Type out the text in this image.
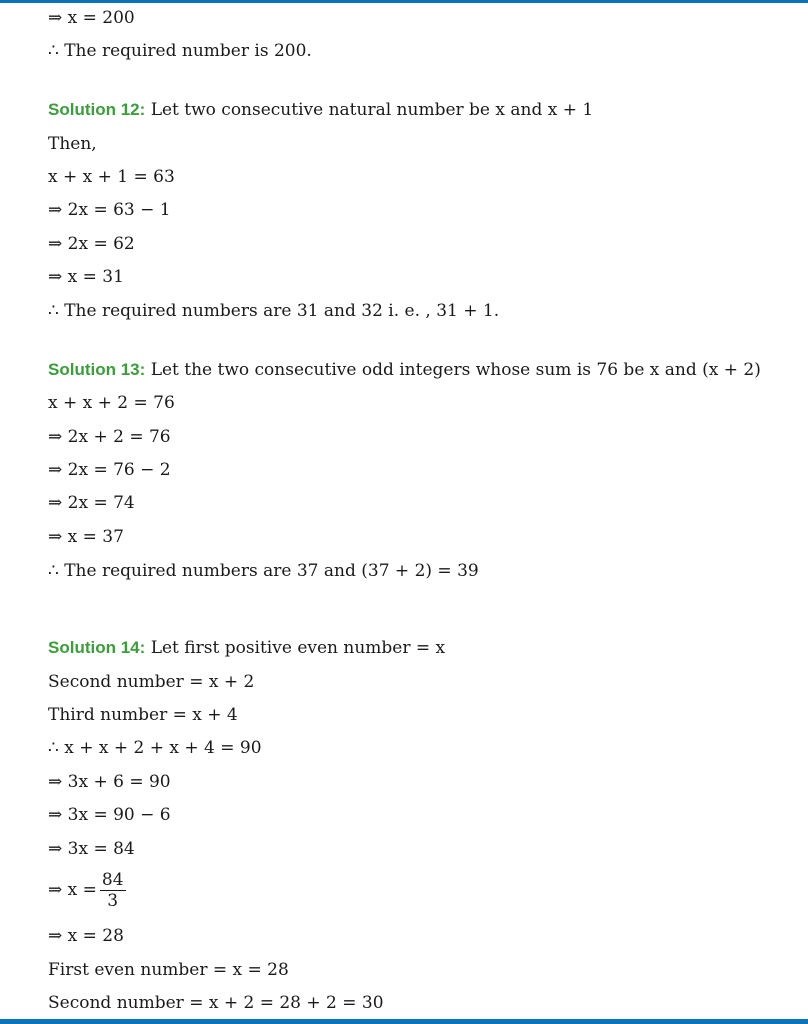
⇒ x = 200
∴ The required number is 200.
Solution 12: Let two consecutive natural number be x and x + 1
Then,
x + x + 1 = 63
⇒ 2x = 63 − 1
⇒ 2x = 62
⇒ x = 31
∴ The required numbers are 31 and 32 i. e. , 31 + 1.
Solution 13: Let the two consecutive odd integers whose sum is 76 be x and (x + 2)
x + x + 2 = 76
⇒ 2x + 2 = 76
⇒ 2x = 76 − 2
⇒ 2x = 74
⇒ x = 37
∴ The required numbers are 37 and (37 + 2) = 39
Solution 14: Let first positive even number = x
Second number = x + 2
Third number = x + 4
∴ x + x + 2 + x + 4 = 90
⇒ 3x + 6 = 90
⇒ 3x = 90 − 6
⇒ 3x = 84
⇒ $x = \frac{84}{3}$
⇒ x = 28
First even number = x = 28
Second number = x + 2 = 28 + 2 = 30
